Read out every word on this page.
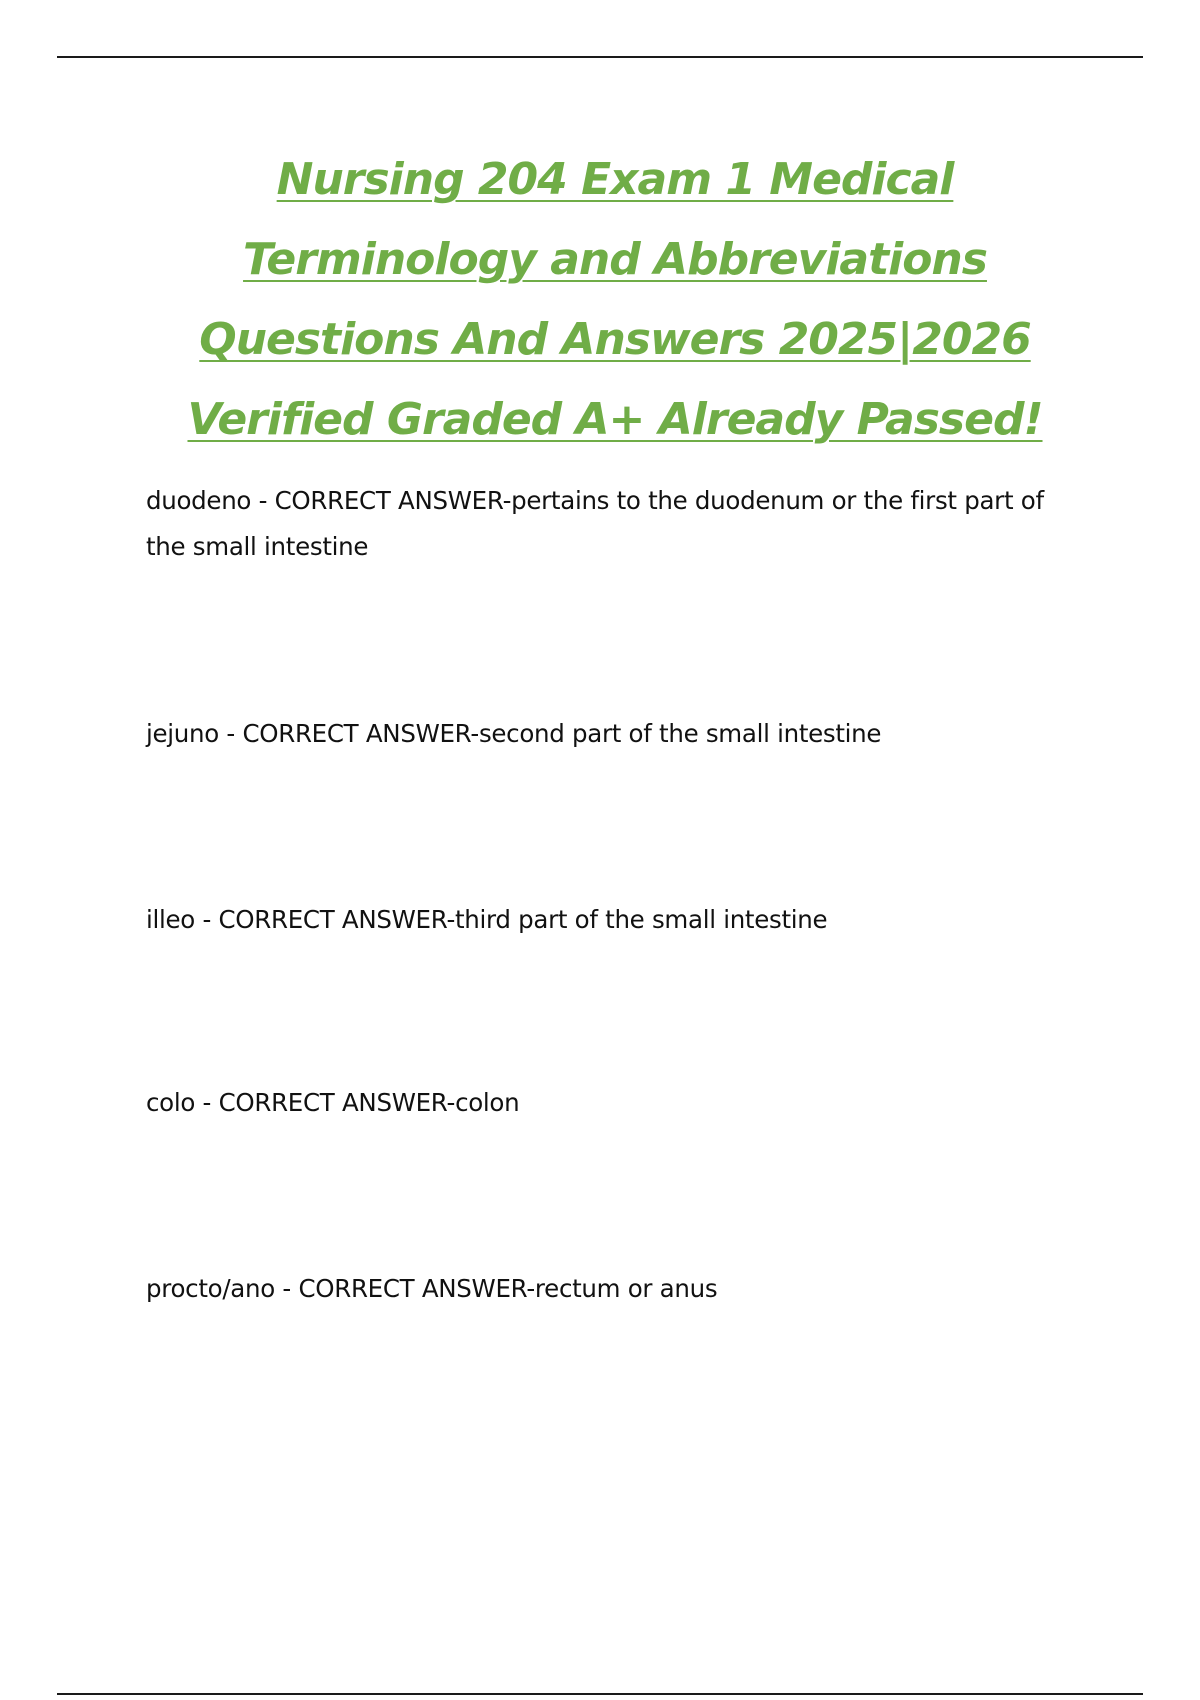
Nursing 204 Exam 1 Medical
Terminology and Abbreviations
Questions And Answers 2025|2026
Verified Graded A+ Already Passed!

duodeno - CORRECT ANSWER-pertains to the duodenum or the first part of the small intestine

jejuno - CORRECT ANSWER-second part of the small intestine

illeo - CORRECT ANSWER-third part of the small intestine

colo - CORRECT ANSWER-colon

procto/ano - CORRECT ANSWER-rectum or anus
